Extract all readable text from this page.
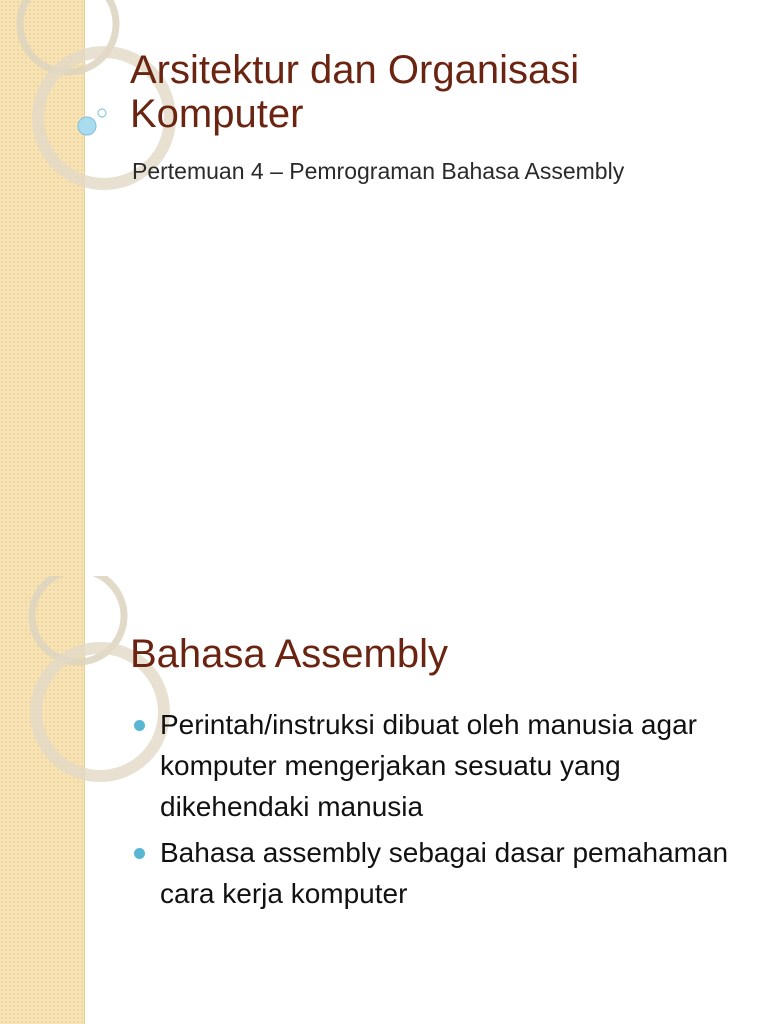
Arsitektur dan Organisasi Komputer

Pertemuan 4 – Pemrograman Bahasa Assembly

Bahasa Assembly
Perintah/instruksi dibuat oleh manusia agar komputer mengerjakan sesuatu yang dikehendaki manusia
Bahasa assembly sebagai dasar pemahaman cara kerja komputer
